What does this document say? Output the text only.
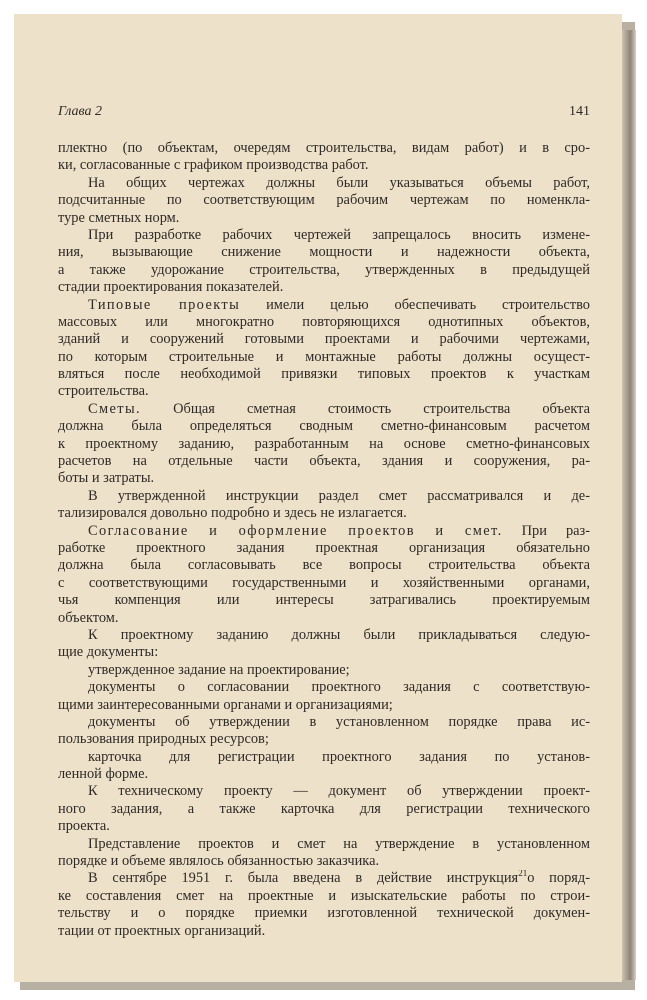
Глава 2	141
плектно (по объектам, очередям строительства, видам работ) и в сро-
ки, согласованные с графиком производства работ.
На общих чертежах должны были указываться объемы работ,
подсчитанные по соответствующим рабочим чертежам по номенкла-
туре сметных норм.
При разработке рабочих чертежей запрещалось вносить измене-
ния, вызывающие снижение мощности и надежности объекта,
а также удорожание строительства, утвержденных в предыдущей
стадии проектирования показателей.
Типовые проекты имели целью обеспечивать строительство
массовых или многократно повторяющихся однотипных объектов,
зданий и сооружений готовыми проектами и рабочими чертежами,
по которым строительные и монтажные работы должны осущест-
вляться после необходимой привязки типовых проектов к участкам
строительства.
Сметы. Общая сметная стоимость строительства объекта
должна была определяться сводным сметно-финансовым расчетом
к проектному заданию, разработанным на основе сметно-финансовых
расчетов на отдельные части объекта, здания и сооружения, ра-
боты и затраты.
В утвержденной инструкции раздел смет рассматривался и де-
тализировался довольно подробно и здесь не излагается.
Согласование и оформление проектов и смет. При раз-
работке проектного задания проектная организация обязательно
должна была согласовывать все вопросы строительства объекта
с соответствующими государственными и хозяйственными органами,
чья компенция или интересы затрагивались проектируемым
объектом.
К проектному заданию должны были прикладываться следую-
щие документы:
утвержденное задание на проектирование;
документы о согласовании проектного задания с соответствую-
щими заинтересованными органами и организациями;
документы об утверждении в установленном порядке права ис-
пользования природных ресурсов;
карточка для регистрации проектного задания по установ-
ленной форме.
К техническому проекту — документ об утверждении проект-
ного задания, а также карточка для регистрации технического
проекта.
Представление проектов и смет на утверждение в установленном
порядке и объеме являлось обязанностью заказчика.
В сентябре 1951 г. была введена в действие инструкция$^{21}$о поряд-
ке составления смет на проектные и изыскательские работы по строи-
тельству и о порядке приемки изготовленной технической докумен-
тации от проектных организаций.
